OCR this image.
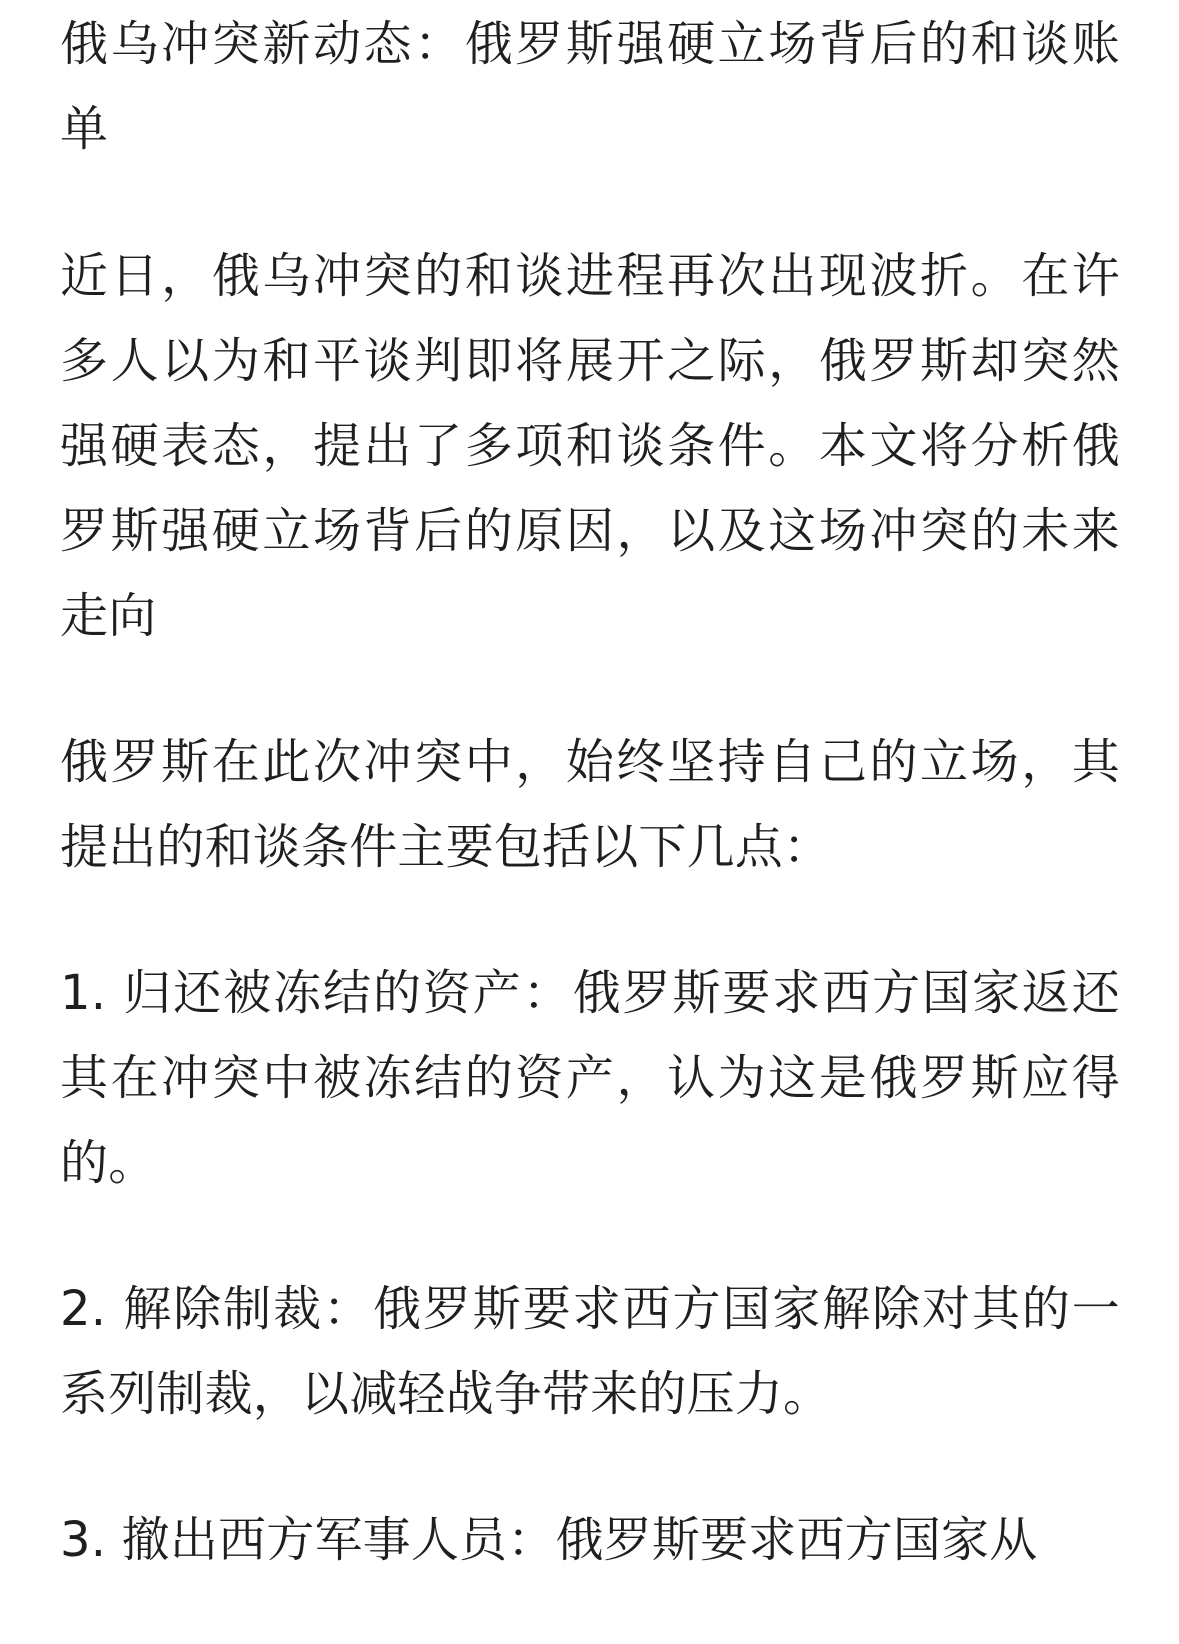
俄乌冲突新动态：俄罗斯强硬立场背后的和谈账单

近日，俄乌冲突的和谈进程再次出现波折。在许多人以为和平谈判即将展开之际，俄罗斯却突然强硬表态，提出了多项和谈条件。本文将分析俄罗斯强硬立场背后的原因，以及这场冲突的未来走向

俄罗斯在此次冲突中，始终坚持自己的立场，其提出的和谈条件主要包括以下几点：

1. 归还被冻结的资产：俄罗斯要求西方国家返还其在冲突中被冻结的资产，认为这是俄罗斯应得的。

2. 解除制裁：俄罗斯要求西方国家解除对其的一系列制裁，以减轻战争带来的压力。

3. 撤出西方军事人员：俄罗斯要求西方国家从
